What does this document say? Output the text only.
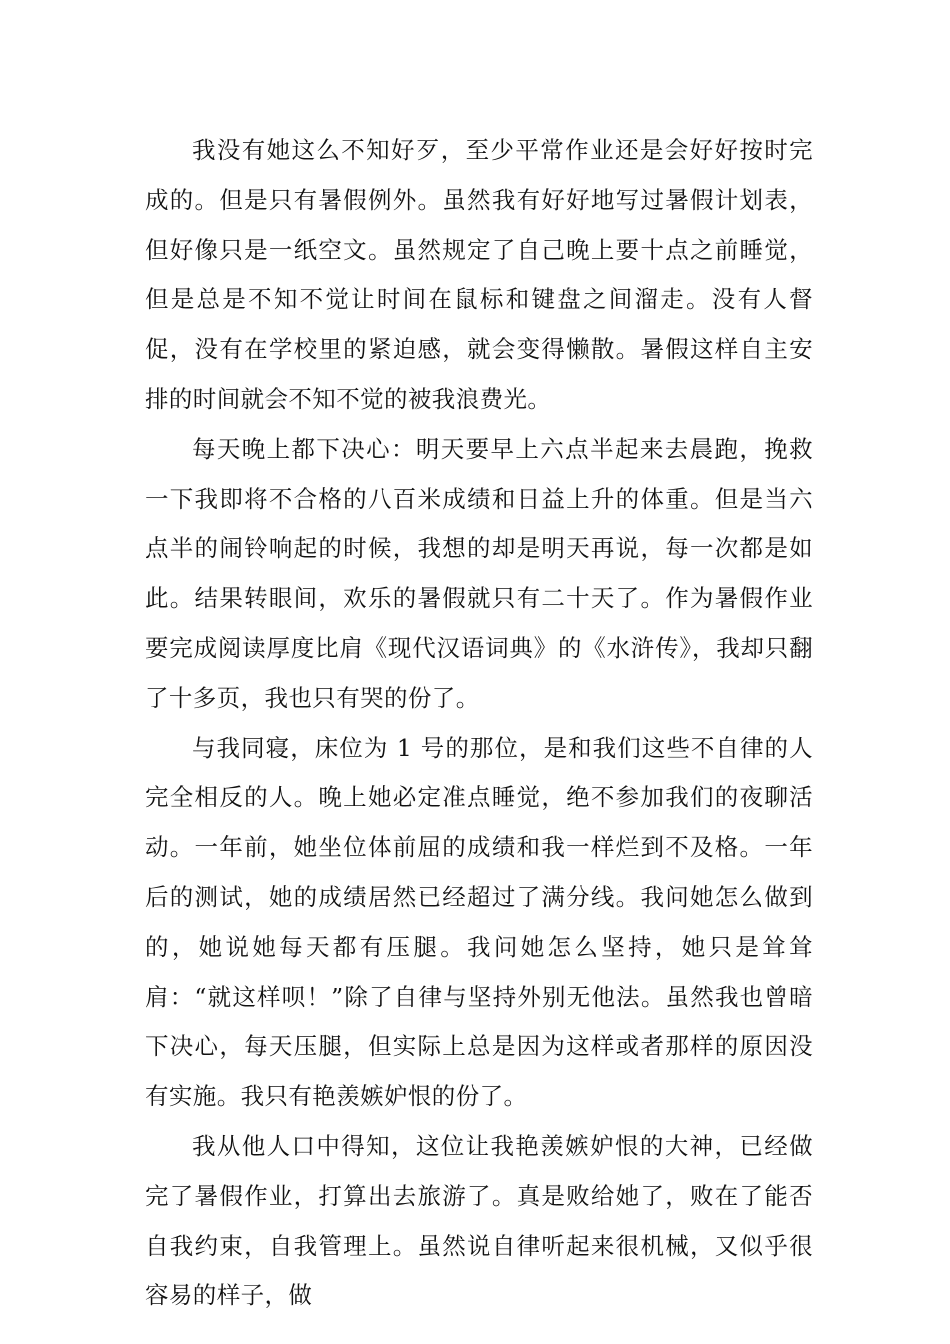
我没有她这么不知好歹，至少平常作业还是会好好按时完成的。但是只有暑假例外。虽然我有好好地写过暑假计划表，但好像只是一纸空文。虽然规定了自己晚上要十点之前睡觉，但是总是不知不觉让时间在鼠标和键盘之间溜走。没有人督促，没有在学校里的紧迫感，就会变得懒散。暑假这样自主安排的时间就会不知不觉的被我浪费光。

每天晚上都下决心：明天要早上六点半起来去晨跑，挽救一下我即将不合格的八百米成绩和日益上升的体重。但是当六点半的闹铃响起的时候，我想的却是明天再说，每一次都是如此。结果转眼间，欢乐的暑假就只有二十天了。作为暑假作业要完成阅读厚度比肩《现代汉语词典》的《水浒传》，我却只翻了十多页，我也只有哭的份了。

与我同寝，床位为 1 号的那位，是和我们这些不自律的人完全相反的人。晚上她必定准点睡觉，绝不参加我们的夜聊活动。一年前，她坐位体前屈的成绩和我一样烂到不及格。一年后的测试，她的成绩居然已经超过了满分线。我问她怎么做到的，她说她每天都有压腿。我问她怎么坚持，她只是耸耸肩：“就这样呗！”除了自律与坚持外别无他法。虽然我也曾暗下决心，每天压腿，但实际上总是因为这样或者那样的原因没有实施。我只有艳羡嫉妒恨的份了。

我从他人口中得知，这位让我艳羡嫉妒恨的大神，已经做完了暑假作业，打算出去旅游了。真是败给她了，败在了能否自我约束，自我管理上。虽然说自律听起来很机械，又似乎很容易的样子，做
